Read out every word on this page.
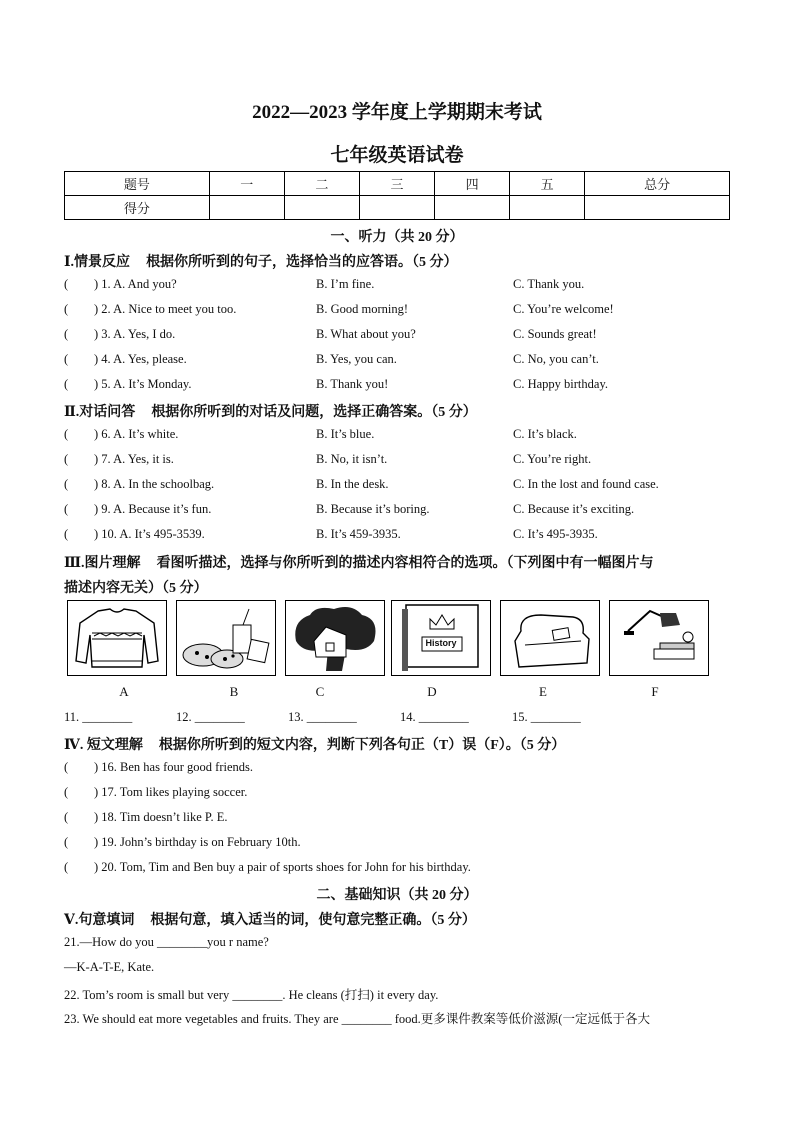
2022—2023 学年度上学期期末考试
七年级英语试卷
题号	一	二	三	四	五	总分
得分						
一、听力（共 20 分）
Ⅰ.情景反应 根据你所听到的句子，选择恰当的应答语。（5 分）
( ) 1. A. And you?	B. I’m fine.	C. Thank you.
( ) 2. A. Nice to meet you too.	B. Good morning!	C. You’re welcome!
( ) 3. A. Yes, I do.	B. What about you?	C. Sounds great!
( ) 4. A. Yes, please.	B. Yes, you can.	C. No, you can’t.
( ) 5. A. It’s Monday.	B. Thank you!	C. Happy birthday.
Ⅱ.对话问答 根据你所听到的对话及问题，选择正确答案。（5 分）
( ) 6. A. It’s white.	B. It’s blue.	C. It’s black.
( ) 7. A. Yes, it is.	B. No, it isn’t.	C. You’re right.
( ) 8. A. In the schoolbag.	B. In the desk.	C. In the lost and found case.
( ) 9. A. Because it’s fun.	B. Because it’s boring.	C. Because it’s exciting.
( ) 10. A. It’s 495-3539.	B. It’s 459-3935.	C. It’s 495-3935.
Ⅲ.图片理解 看图听描述，选择与你所听到的描述内容相符合的选项。（下列图中有一幅图片与
描述内容无关）（5 分）
History
A	B	C	D	E	F
11. ________	12. ________	13. ________	14. ________	15. ________
Ⅳ. 短文理解 根据你所听到的短文内容，判断下列各句正（T）误（F）。（5 分）
( ) 16. Ben has four good friends.
( ) 17. Tom likes playing soccer.
( ) 18. Tim doesn’t like P. E.
( ) 19. John’s birthday is on February 10th.
( ) 20. Tom, Tim and Ben buy a pair of sports shoes for John for his birthday.
二、基础知识（共 20 分）
Ⅴ.句意填词 根据句意，填入适当的词，使句意完整正确。（5 分）
21.—How do you ________you r name?
—K-A-T-E, Kate.
22. Tom’s room is small but very ________. He cleans (打扫) it every day.
23. We should eat more vegetables and fruits. They are ________ food.更多课件教案等低价滋源(一定远低于各大
